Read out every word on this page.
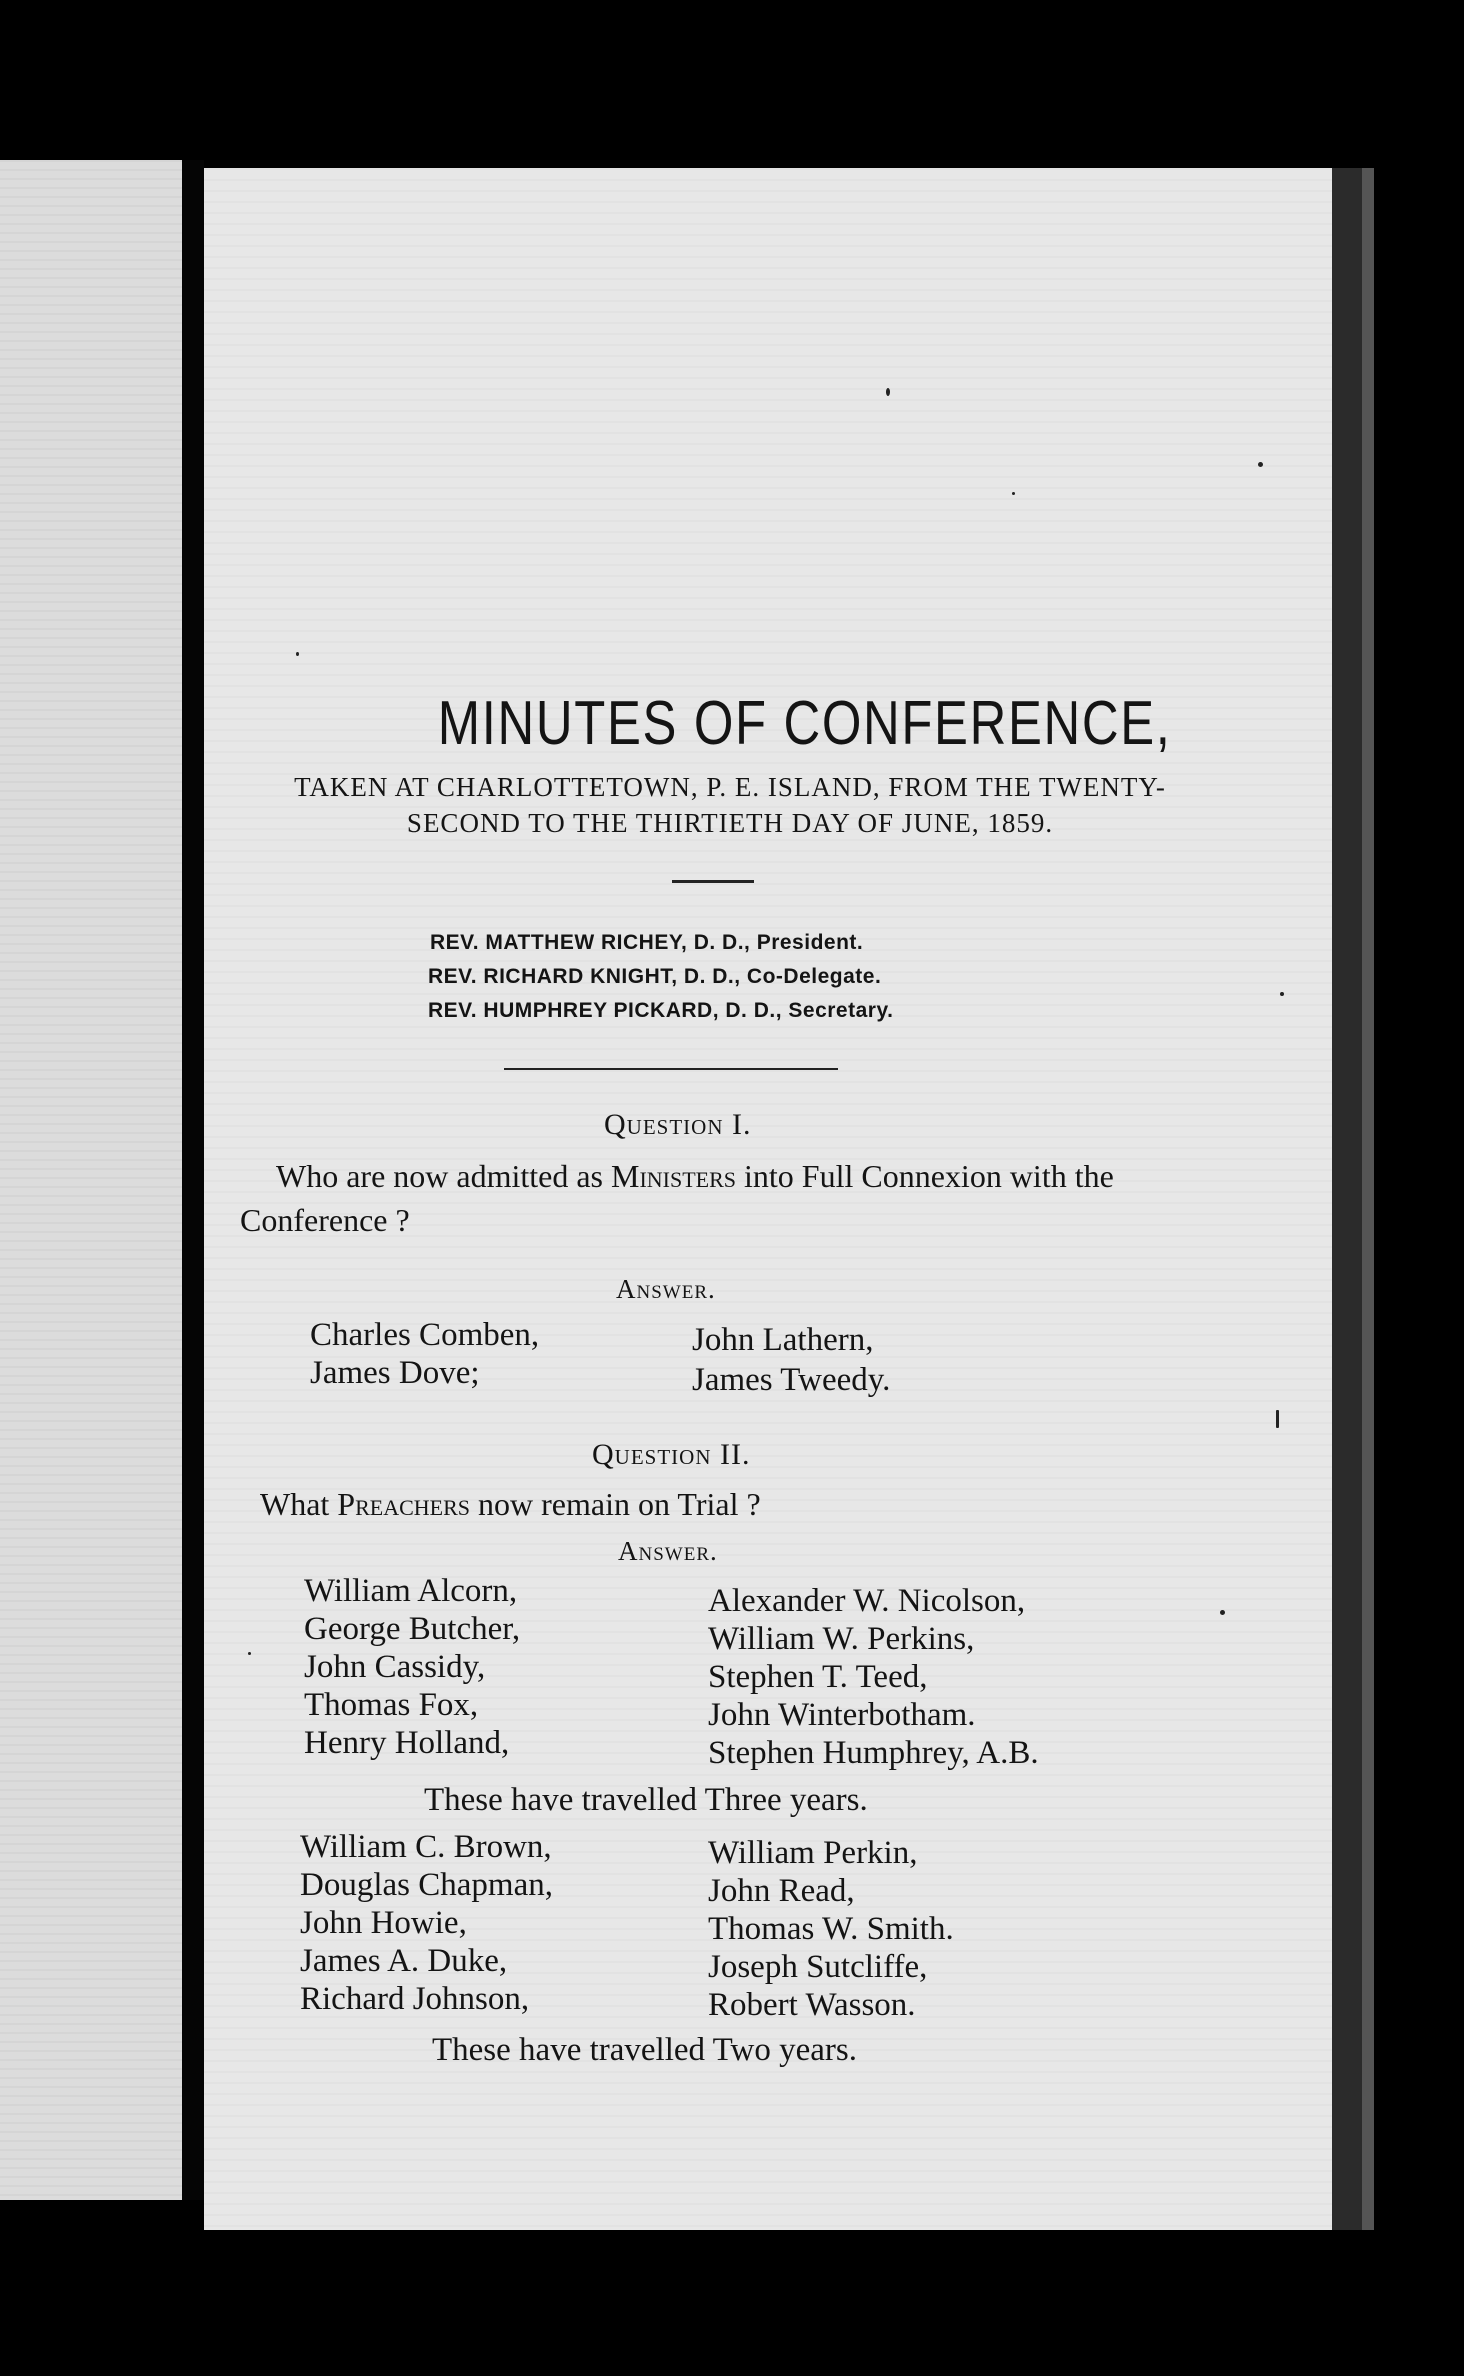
MINUTES OF CONFERENCE,
TAKEN AT CHARLOTTETOWN, P. E. ISLAND, FROM THE TWENTY-
SECOND TO THE THIRTIETH DAY OF JUNE, 1859.
REV. MATTHEW RICHEY, D. D., President.
REV. RICHARD KNIGHT, D. D., Co-Delegate.
REV. HUMPHREY PICKARD, D. D., Secretary.
Question I.
Who are now admitted as Ministers into Full Connexion with the Conference ?
Answer.
Charles Comben,
James Dove;
John Lathern,
James Tweedy.
Question II.
What Preachers now remain on Trial ?
Answer.
William Alcorn,
George Butcher,
John Cassidy,
Thomas Fox,
Henry Holland,
Alexander W. Nicolson,
William W. Perkins,
Stephen T. Teed,
John Winterbotham.
Stephen Humphrey, A.B.
These have travelled Three years.
William C. Brown,
Douglas Chapman,
John Howie,
James A. Duke,
Richard Johnson,
William Perkin,
John Read,
Thomas W. Smith.
Joseph Sutcliffe,
Robert Wasson.
These have travelled Two years.
